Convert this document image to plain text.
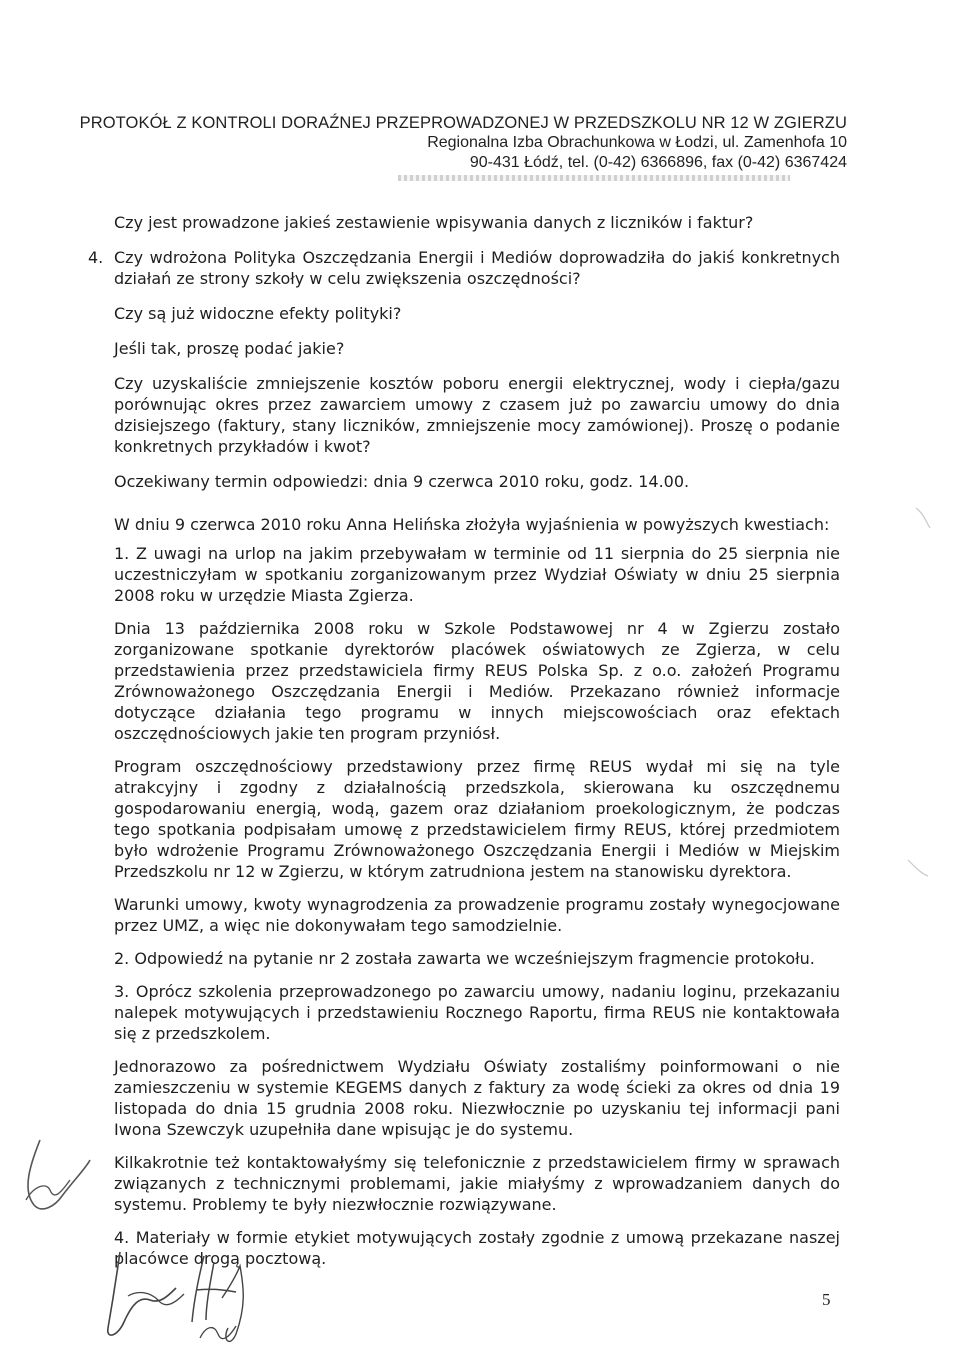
PROTOKÓŁ Z KONTROLI DORAŹNEJ PRZEPROWADZONEJ W PRZEDSZKOLU NR 12 W ZGIERZU
Regionalna Izba Obrachunkowa w Łodzi, ul. Zamenhofa 10
90-431 Łódź, tel. (0-42) 6366896, fax (0-42) 6367424

Czy jest prowadzone jakieś zestawienie wpisywania danych z liczników i faktur?

4. Czy wdrożona Polityka Oszczędzania Energii i Mediów doprowadziła do jakiś konkretnych działań ze strony szkoły w celu zwiększenia oszczędności?

Czy są już widoczne efekty polityki?

Jeśli tak, proszę podać jakie?

Czy uzyskaliście zmniejszenie kosztów poboru energii elektrycznej, wody i ciepła/gazu porównując okres przez zawarciem umowy z czasem już po zawarciu umowy do dnia dzisiejszego (faktury, stany liczników, zmniejszenie mocy zamówionej). Proszę o podanie konkretnych przykładów i kwot?

Oczekiwany termin odpowiedzi: dnia 9 czerwca 2010 roku, godz. 14.00.

W dniu 9 czerwca 2010 roku Anna Helińska złożyła wyjaśnienia w powyższych kwestiach:

1. Z uwagi na urlop na jakim przebywałam w terminie od 11 sierpnia do 25 sierpnia nie uczestniczyłam w spotkaniu zorganizowanym przez Wydział Oświaty w dniu 25 sierpnia 2008 roku w urzędzie Miasta Zgierza.

Dnia 13 października 2008 roku w Szkole Podstawowej nr 4 w Zgierzu zostało zorganizowane spotkanie dyrektorów placówek oświatowych ze Zgierza, w celu przedstawienia przez przedstawiciela firmy REUS Polska Sp. z o.o. założeń Programu Zrównoważonego Oszczędzania Energii i Mediów. Przekazano również informacje dotyczące działania tego programu w innych miejscowościach oraz efektach oszczędnościowych jakie ten program przyniósł.

Program oszczędnościowy przedstawiony przez firmę REUS wydał mi się na tyle atrakcyjny i zgodny z działalnością przedszkola, skierowana ku oszczędnemu gospodarowaniu energią, wodą, gazem oraz działaniom proekologicznym, że podczas tego spotkania podpisałam umowę z przedstawicielem firmy REUS, której przedmiotem było wdrożenie Programu Zrównoważonego Oszczędzania Energii i Mediów w Miejskim Przedszkolu nr 12 w Zgierzu, w którym zatrudniona jestem na stanowisku dyrektora.

Warunki umowy, kwoty wynagrodzenia za prowadzenie programu zostały wynegocjowane przez UMZ, a więc nie dokonywałam tego samodzielnie.

2. Odpowiedź na pytanie nr 2 została zawarta we wcześniejszym fragmencie protokołu.

3. Oprócz szkolenia przeprowadzonego po zawarciu umowy, nadaniu loginu, przekazaniu nalepek motywujących i przedstawieniu Rocznego Raportu, firma REUS nie kontaktowała się z przedszkolem.

Jednorazowo za pośrednictwem Wydziału Oświaty zostaliśmy poinformowani o nie zamieszczeniu w systemie KEGEMS danych z faktury za wodę ścieki za okres od dnia 19 listopada do dnia 15 grudnia 2008 roku. Niezwłocznie po uzyskaniu tej informacji pani Iwona Szewczyk uzupełniła dane wpisując je do systemu.

Kilkakrotnie też kontaktowałyśmy się telefonicznie z przedstawicielem firmy w sprawach związanych z technicznymi problemami, jakie miałyśmy z wprowadzaniem danych do systemu. Problemy te były niezwłocznie rozwiązywane.

4. Materiały w formie etykiet motywujących zostały zgodnie z umową przekazane naszej placówce drogą pocztową.

5
